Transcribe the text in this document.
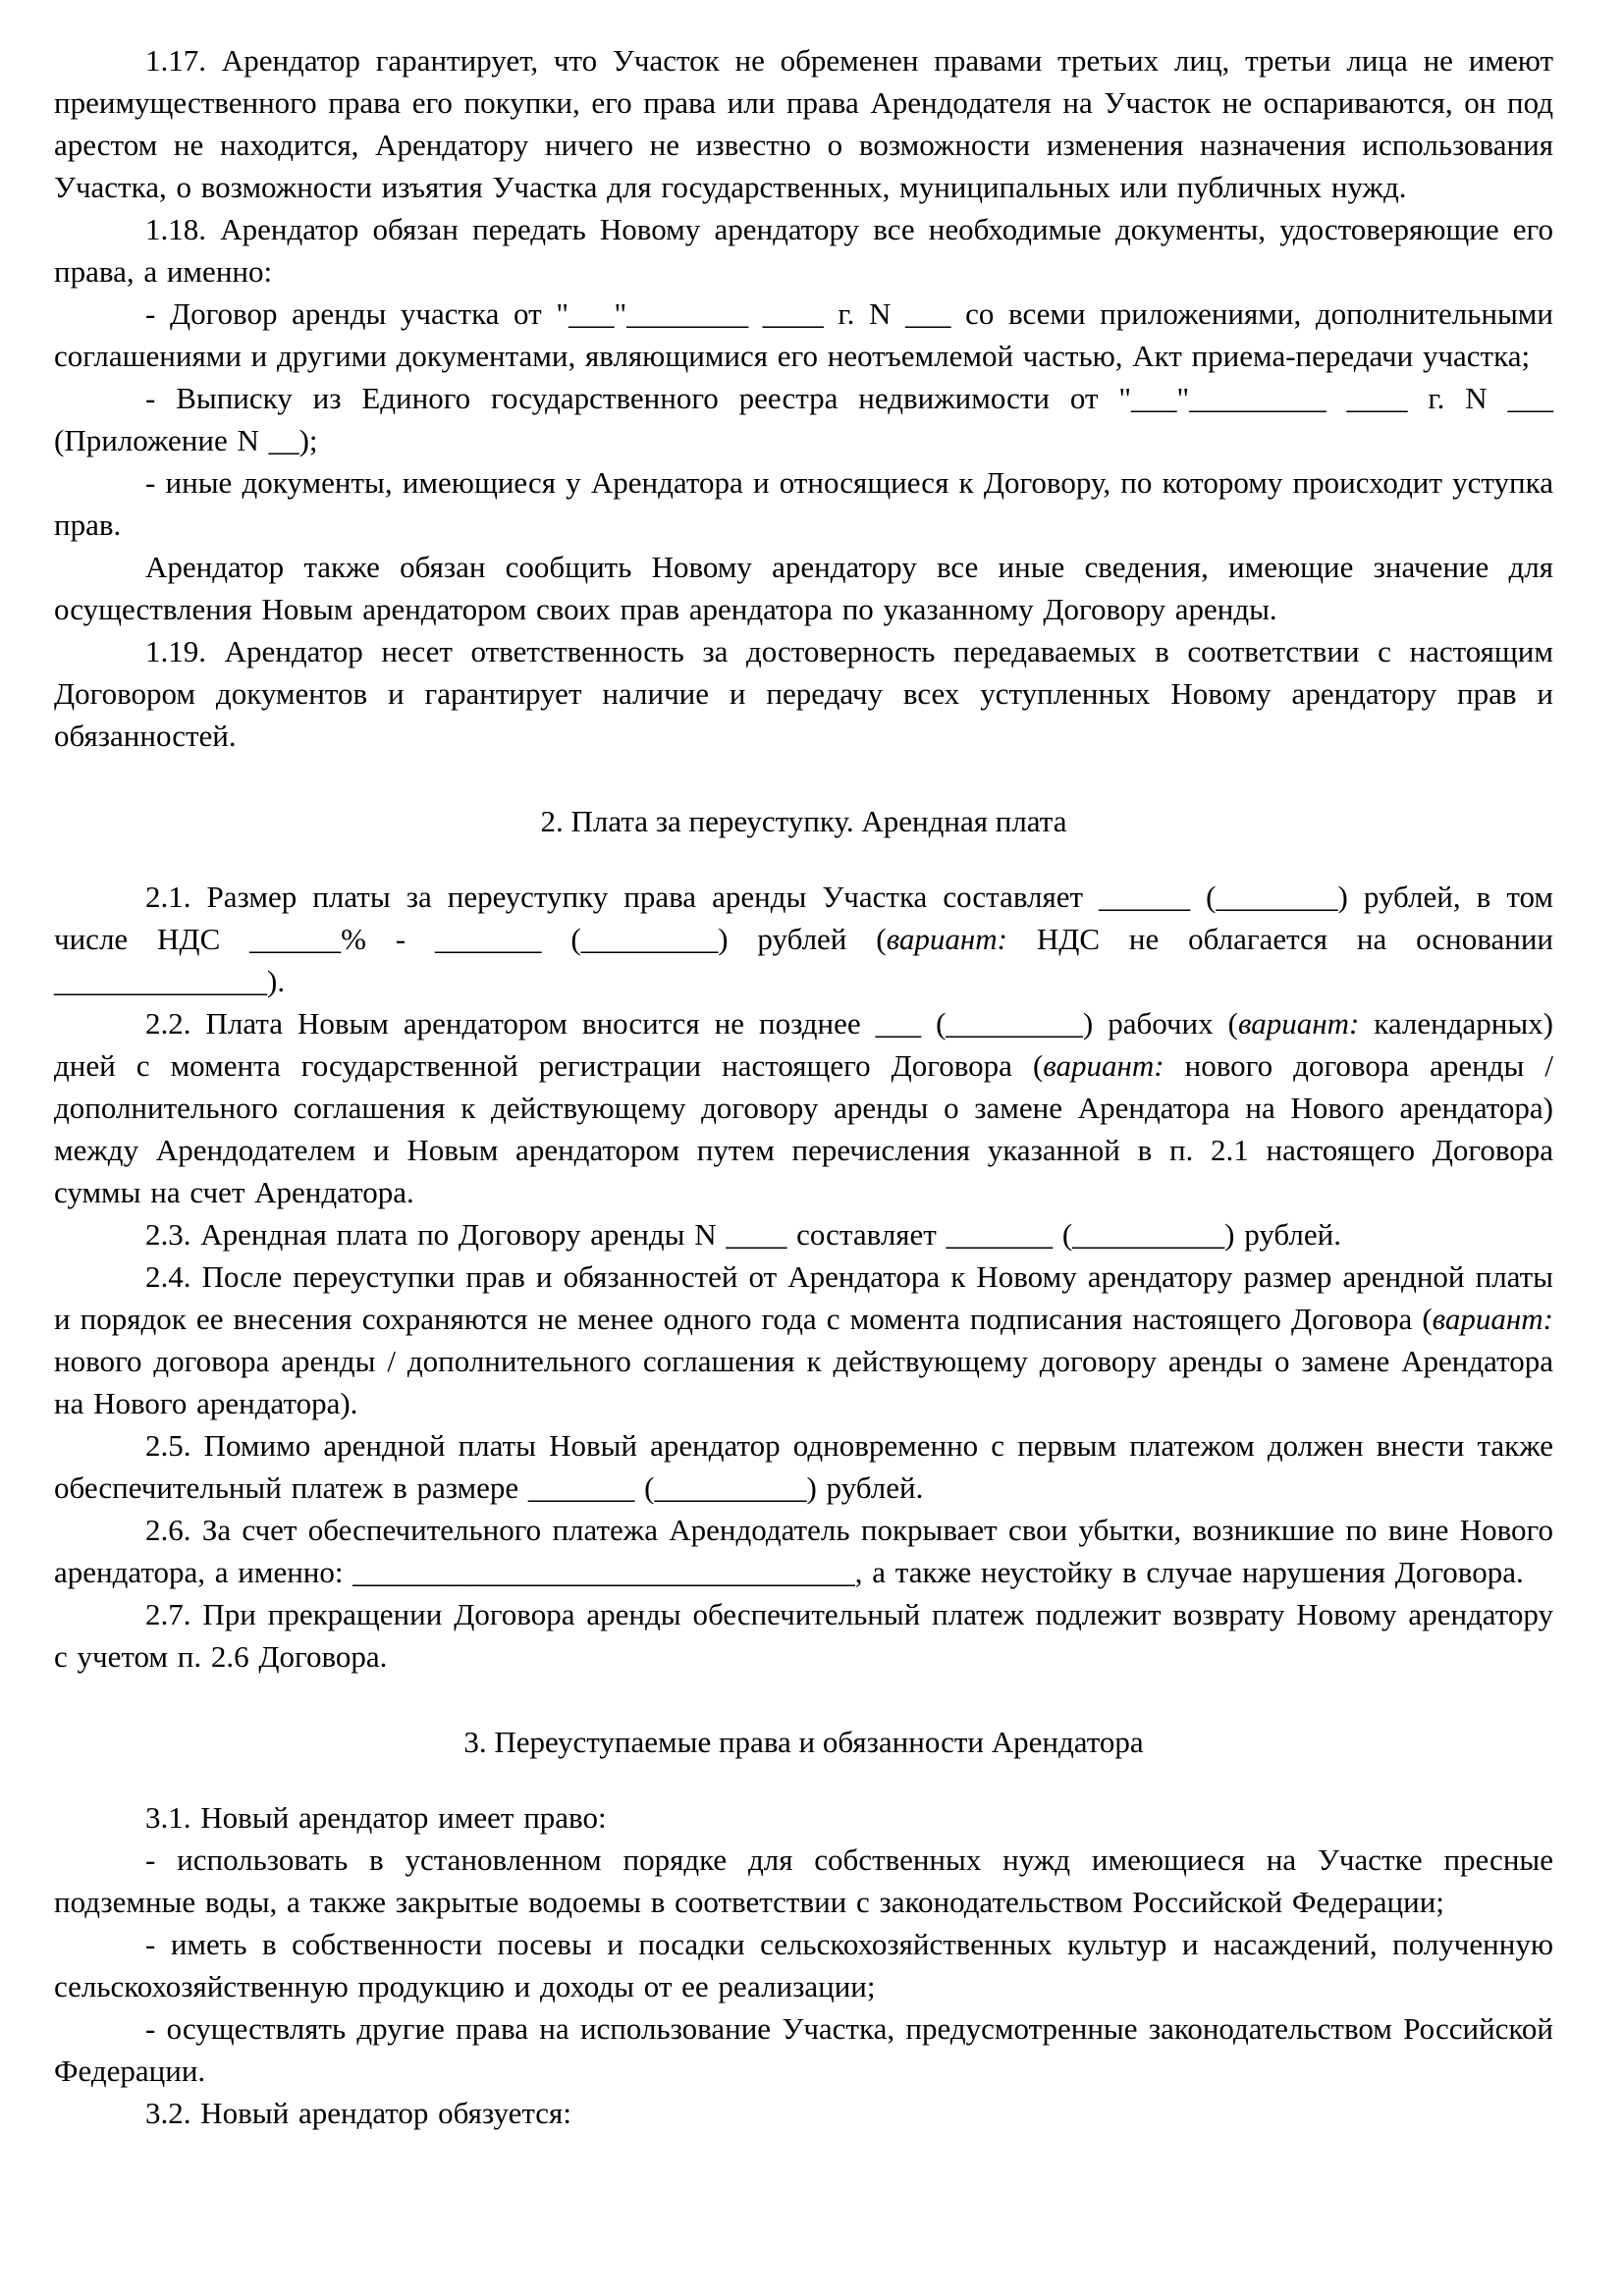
1.17. Арендатор гарантирует, что Участок не обременен правами третьих лиц, третьи лица не имеют преимущественного права его покупки, его права или права Арендодателя на Участок не оспариваются, он под арестом не находится, Арендатору ничего не известно о возможности изменения назначения использования Участка, о возможности изъятия Участка для государственных, муниципальных или публичных нужд.

1.18. Арендатор обязан передать Новому арендатору все необходимые документы, удостоверяющие его права, а именно:

- Договор аренды участка от "___"________ ____ г. N ___ со всеми приложениями, дополнительными соглашениями и другими документами, являющимися его неотъемлемой частью, Акт приема-передачи участка;

- Выписку из Единого государственного реестра недвижимости от "___"_________ ____ г. N ___ (Приложение N __);

- иные документы, имеющиеся у Арендатора и относящиеся к Договору, по которому происходит уступка прав.

Арендатор также обязан сообщить Новому арендатору все иные сведения, имеющие значение для осуществления Новым арендатором своих прав арендатора по указанному Договору аренды.

1.19. Арендатор несет ответственность за достоверность передаваемых в соответствии с настоящим Договором документов и гарантирует наличие и передачу всех уступленных Новому арендатору прав и обязанностей.

2. Плата за переуступку. Арендная плата

2.1. Размер платы за переуступку права аренды Участка составляет ______ (________) рублей, в том числе НДС ______% - _______ (_________) рублей (вариант: НДС не облагается на основании ______________).

2.2. Плата Новым арендатором вносится не позднее ___ (_________) рабочих (вариант: календарных) дней с момента государственной регистрации настоящего Договора (вариант: нового договора аренды / дополнительного соглашения к действующему договору аренды о замене Арендатора на Нового арендатора) между Арендодателем и Новым арендатором путем перечисления указанной в п. 2.1 настоящего Договора суммы на счет Арендатора.

2.3. Арендная плата по Договору аренды N ____ составляет _______ (__________) рублей.

2.4. После переуступки прав и обязанностей от Арендатора к Новому арендатору размер арендной платы и порядок ее внесения сохраняются не менее одного года с момента подписания настоящего Договора (вариант: нового договора аренды / дополнительного соглашения к действующему договору аренды о замене Арендатора на Нового арендатора).

2.5. Помимо арендной платы Новый арендатор одновременно с первым платежом должен внести также обеспечительный платеж в размере _______ (__________) рублей.

2.6. За счет обеспечительного платежа Арендодатель покрывает свои убытки, возникшие по вине Нового арендатора, а именно: _________________________________, а также неустойку в случае нарушения Договора.

2.7. При прекращении Договора аренды обеспечительный платеж подлежит возврату Новому арендатору с учетом п. 2.6 Договора.

3. Переуступаемые права и обязанности Арендатора

3.1. Новый арендатор имеет право:

- использовать в установленном порядке для собственных нужд имеющиеся на Участке пресные подземные воды, а также закрытые водоемы в соответствии с законодательством Российской Федерации;

- иметь в собственности посевы и посадки сельскохозяйственных культур и насаждений, полученную сельскохозяйственную продукцию и доходы от ее реализации;

- осуществлять другие права на использование Участка, предусмотренные законодательством Российской Федерации.

3.2. Новый арендатор обязуется:
